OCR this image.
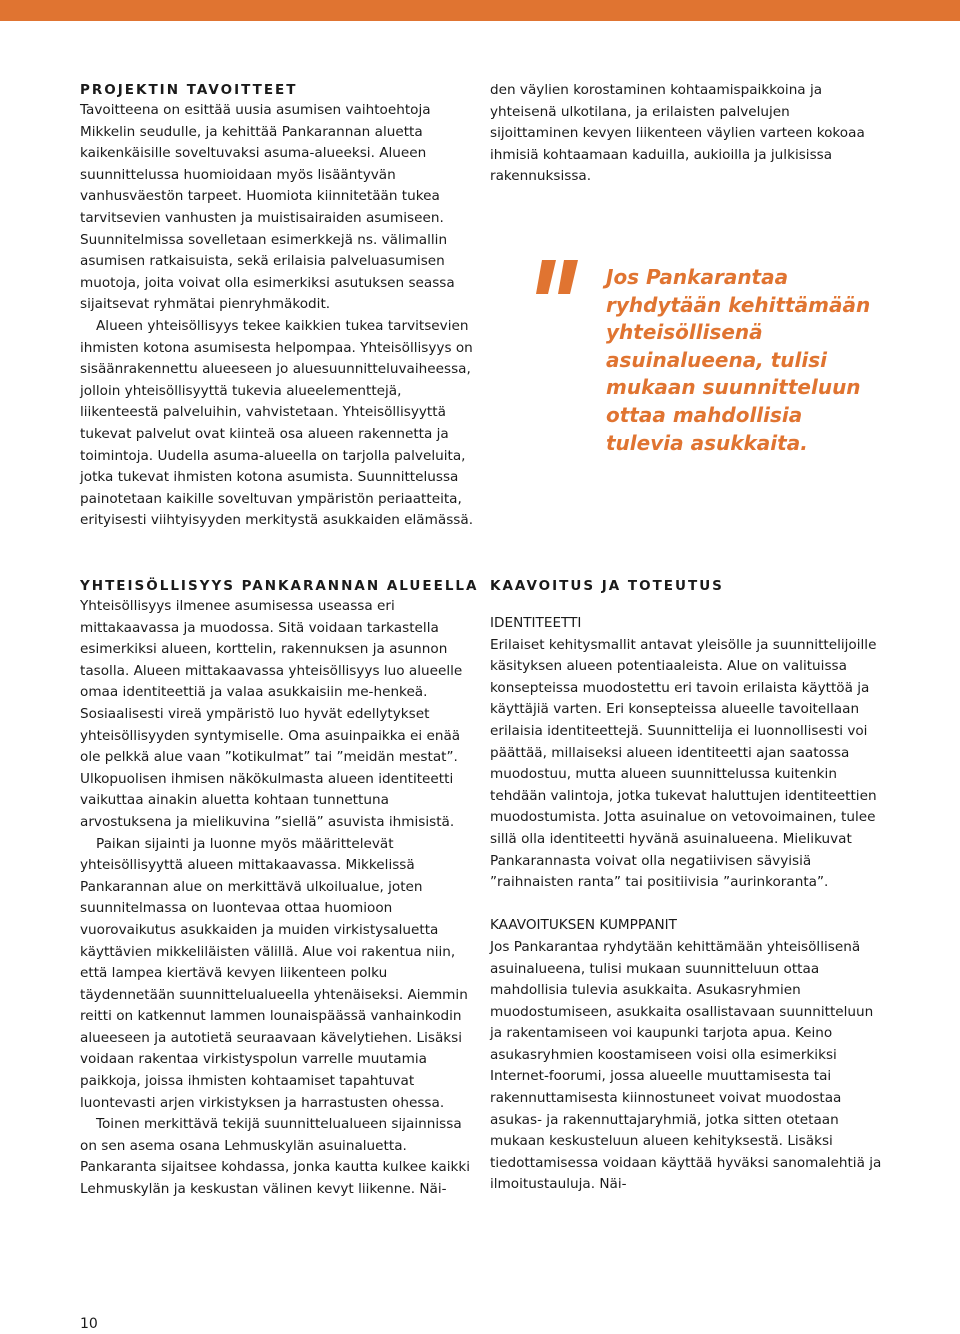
PROJEKTIN TAVOITTEET

Tavoitteena on esittää uusia asumisen vaihtoehtoja Mikkelin seudulle, ja kehittää Pankarannan aluetta kaikenkäisille soveltuvaksi asuma-alueeksi. Alueen suunnittelussa huomioidaan myös lisääntyvän vanhusväestön tarpeet. Huomiota kiinnitetään tukea tarvitsevien vanhusten ja muistisairaiden asumiseen. Suunnitelmissa sovelletaan esimerkkejä ns. välimallin asumisen ratkaisuista, sekä erilaisia palveluasumisen muotoja, joita voivat olla esimerkiksi asutuksen seassa sijaitsevat ryhmätai pienryhmäkodit.

Alueen yhteisöllisyys tekee kaikkien tukea tarvitsevien ihmisten kotona asumisesta helpompaa. Yhteisöllisyys on sisäänrakennettu alueeseen jo aluesuunnitteluvaiheessa, jolloin yhteisöllisyyttä tukevia alueelementtejä, liikenteestä palveluihin, vahvistetaan. Yhteisöllisyyttä tukevat palvelut ovat kiinteä osa alueen rakennetta ja toimintoja. Uudella asuma-alueella on tarjolla palveluita, jotka tukevat ihmisten kotona asumista. Suunnittelussa painotetaan kaikille soveltuvan ympäristön periaatteita, erityisesti viihtyisyyden merkitystä asukkaiden elämässä.

den väylien korostaminen kohtaamispaikkoina ja yhteisenä ulkotilana, ja erilaisten palvelujen sijoittaminen kevyen liikenteen väylien varteen kokoaa ihmisiä kohtaamaan kaduilla, aukioilla ja julkisissa rakennuksissa.

Jos Pankarantaa ryhdytään kehittämään yhteisöllisenä asuinalueena, tulisi mukaan suunnitteluun ottaa mahdollisia tulevia asukkaita.

YHTEISÖLLISYYS PANKARANNAN ALUEELLA

Yhteisöllisyys ilmenee asumisessa useassa eri mittakaavassa ja muodossa. Sitä voidaan tarkastella esimerkiksi alueen, korttelin, rakennuksen ja asunnon tasolla. Alueen mittakaavassa yhteisöllisyys luo alueelle omaa identiteettiä ja valaa asukkaisiin me-henkeä. Sosiaalisesti vireä ympäristö luo hyvät edellytykset yhteisöllisyyden syntymiselle. Oma asuinpaikka ei enää ole pelkkä alue vaan ”kotikulmat” tai ”meidän mestat”. Ulkopuolisen ihmisen näkökulmasta alueen identiteetti vaikuttaa ainakin aluetta kohtaan tunnettuna arvostuksena ja mielikuvina ”siellä” asuvista ihmisistä.

Paikan sijainti ja luonne myös määrittelevät yhteisöllisyyttä alueen mittakaavassa. Mikkelissä Pankarannan alue on merkittävä ulkoilualue, joten suunnitelmassa on luontevaa ottaa huomioon vuorovaikutus asukkaiden ja muiden virkistysaluetta käyttävien mikkeliläisten välillä. Alue voi rakentua niin, että lampea kiertävä kevyen liikenteen polku täydennetään suunnittelualueella yhtenäiseksi. Aiemmin reitti on katkennut lammen lounaispäässä vanhainkodin alueeseen ja autotietä seuraavaan kävelytiehen. Lisäksi voidaan rakentaa virkistyspolun varrelle muutamia paikkoja, joissa ihmisten kohtaamiset tapahtuvat luontevasti arjen virkistyksen ja harrastusten ohessa.

Toinen merkittävä tekijä suunnittelualueen sijainnissa on sen asema osana Lehmuskylän asuinaluetta. Pankaranta sijaitsee kohdassa, jonka kautta kulkee kaikki Lehmuskylän ja keskustan välinen kevyt liikenne. Näi-

KAAVOITUS JA TOTEUTUS

IDENTITEETTI

Erilaiset kehitysmallit antavat yleisölle ja suunnittelijoille käsityksen alueen potentiaaleista. Alue on valituissa konsepteissa muodostettu eri tavoin erilaista käyttöä ja käyttäjiä varten. Eri konsepteissa alueelle tavoitellaan erilaisia identiteettejä. Suunnittelija ei luonnollisesti voi päättää, millaiseksi alueen identiteetti ajan saatossa muodostuu, mutta alueen suunnittelussa kuitenkin tehdään valintoja, jotka tukevat haluttujen identiteettien muodostumista. Jotta asuinalue on vetovoimainen, tulee sillä olla identiteetti hyvänä asuinalueena. Mielikuvat Pankarannasta voivat olla negatiivisen sävyisiä ”raihnaisten ranta” tai positiivisia ”aurinkoranta”.

KAAVOITUKSEN KUMPPANIT

Jos Pankarantaa ryhdytään kehittämään yhteisöllisenä asuinalueena, tulisi mukaan suunnitteluun ottaa mahdollisia tulevia asukkaita. Asukasryhmien muodostumiseen, asukkaita osallistavaan suunnitteluun ja rakentamiseen voi kaupunki tarjota apua. Keino asukasryhmien koostamiseen voisi olla esimerkiksi Internet-foorumi, jossa alueelle muuttamisesta tai rakennuttamisesta kiinnostuneet voivat muodostaa asukas- ja rakennuttajaryhmiä, jotka sitten otetaan mukaan keskusteluun alueen kehityksestä. Lisäksi tiedottamisessa voidaan käyttää hyväksi sanomalehtiä ja ilmoitustauluja. Näi-

10
